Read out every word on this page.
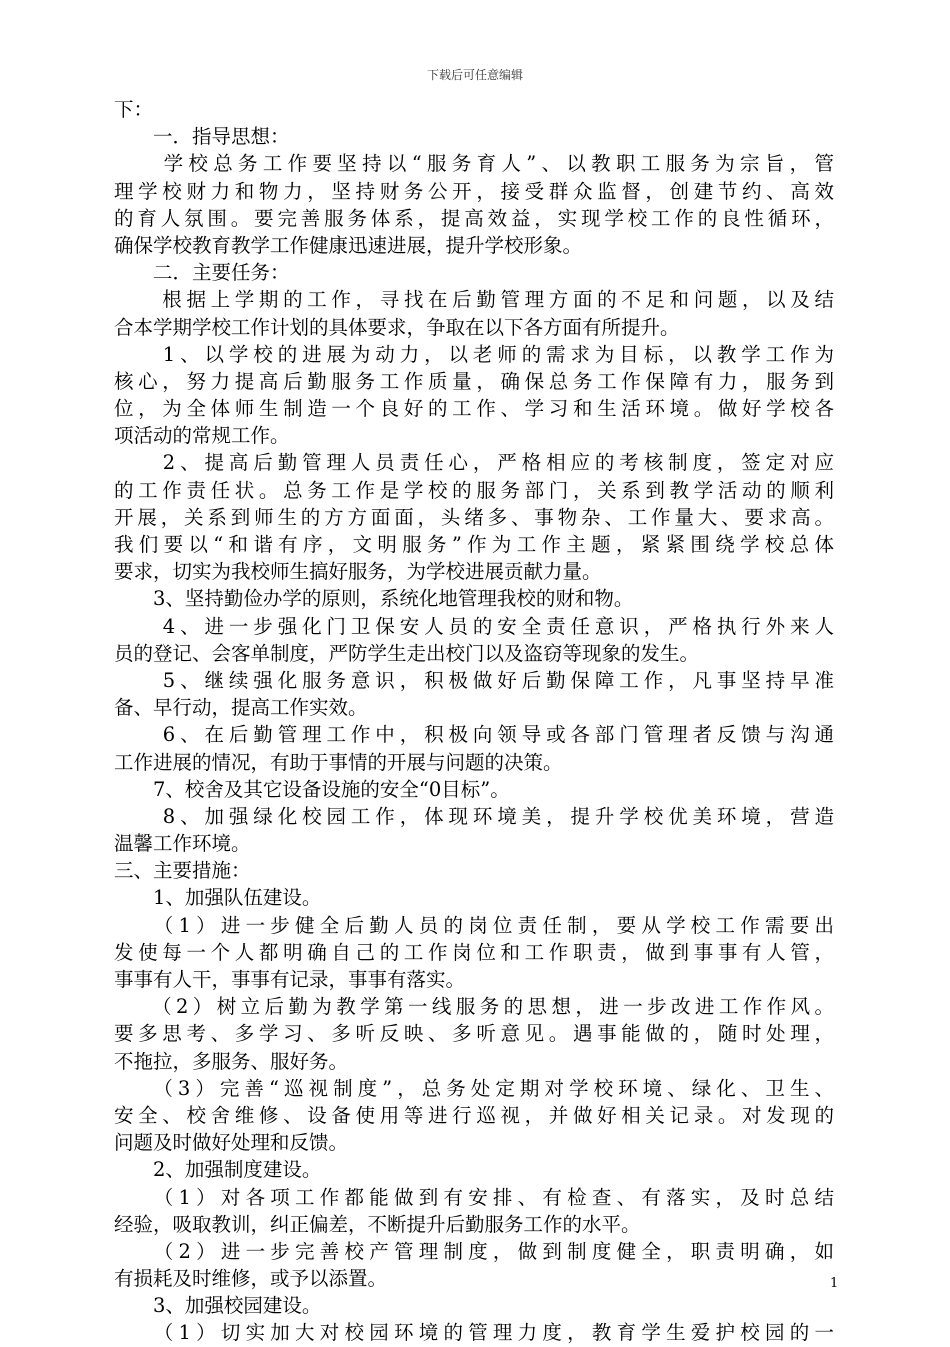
下载后可任意编辑
下：
　　一．指导思想：
　　学校总务工作要坚持以“服务育人”、以教职工服务为宗旨，管
理学校财力和物力，坚持财务公开，接受群众监督，创建节约、高效
的育人氛围。要完善服务体系，提高效益，实现学校工作的良性循环，
确保学校教育教学工作健康迅速进展，提升学校形象。
　　二．主要任务：
　　根据上学期的工作，寻找在后勤管理方面的不足和问题，以及结
合本学期学校工作计划的具体要求，争取在以下各方面有所提升。
　　1、以学校的进展为动力，以老师的需求为目标，以教学工作为
核心，努力提高后勤服务工作质量，确保总务工作保障有力，服务到
位，为全体师生制造一个良好的工作、学习和生活环境。做好学校各
项活动的常规工作。
　　2、提高后勤管理人员责任心，严格相应的考核制度，签定对应
的工作责任状。总务工作是学校的服务部门，关系到教学活动的顺利
开展，关系到师生的方方面面，头绪多、事物杂、工作量大、要求高。
我们要以“和谐有序，文明服务”作为工作主题，紧紧围绕学校总体
要求，切实为我校师生搞好服务，为学校进展贡献力量。
　　3、坚持勤俭办学的原则，系统化地管理我校的财和物。
　　4、进一步强化门卫保安人员的安全责任意识，严格执行外来人
员的登记、会客单制度，严防学生走出校门以及盗窃等现象的发生。
　　5、继续强化服务意识，积极做好后勤保障工作，凡事坚持早准
备、早行动，提高工作实效。
　　6、在后勤管理工作中，积极向领导或各部门管理者反馈与沟通
工作进展的情况，有助于事情的开展与问题的决策。
　　7、校舍及其它设备设施的安全“0目标”。
　　8、加强绿化校园工作，体现环境美，提升学校优美环境，营造
温馨工作环境。
三、主要措施：
　　1、加强队伍建设。
　　（1）进一步健全后勤人员的岗位责任制，要从学校工作需要出
发使每一个人都明确自己的工作岗位和工作职责，做到事事有人管，
事事有人干，事事有记录，事事有落实。
　　（2）树立后勤为教学第一线服务的思想，进一步改进工作作风。
要多思考、多学习、多听反映、多听意见。遇事能做的，随时处理，
不拖拉，多服务、服好务。
　　（3）完善“巡视制度”，总务处定期对学校环境、绿化、卫生、
安全、校舍维修、设备使用等进行巡视，并做好相关记录。对发现的
问题及时做好处理和反馈。
　　2、加强制度建设。
　　（1）对各项工作都能做到有安排、有检查、有落实，及时总结
经验，吸取教训，纠正偏差，不断提升后勤服务工作的水平。
　　（2）进一步完善校产管理制度，做到制度健全，职责明确，如
有损耗及时维修，或予以添置。
　　3、加强校园建设。
　　（1）切实加大对校园环境的管理力度，教育学生爱护校园的一
1
